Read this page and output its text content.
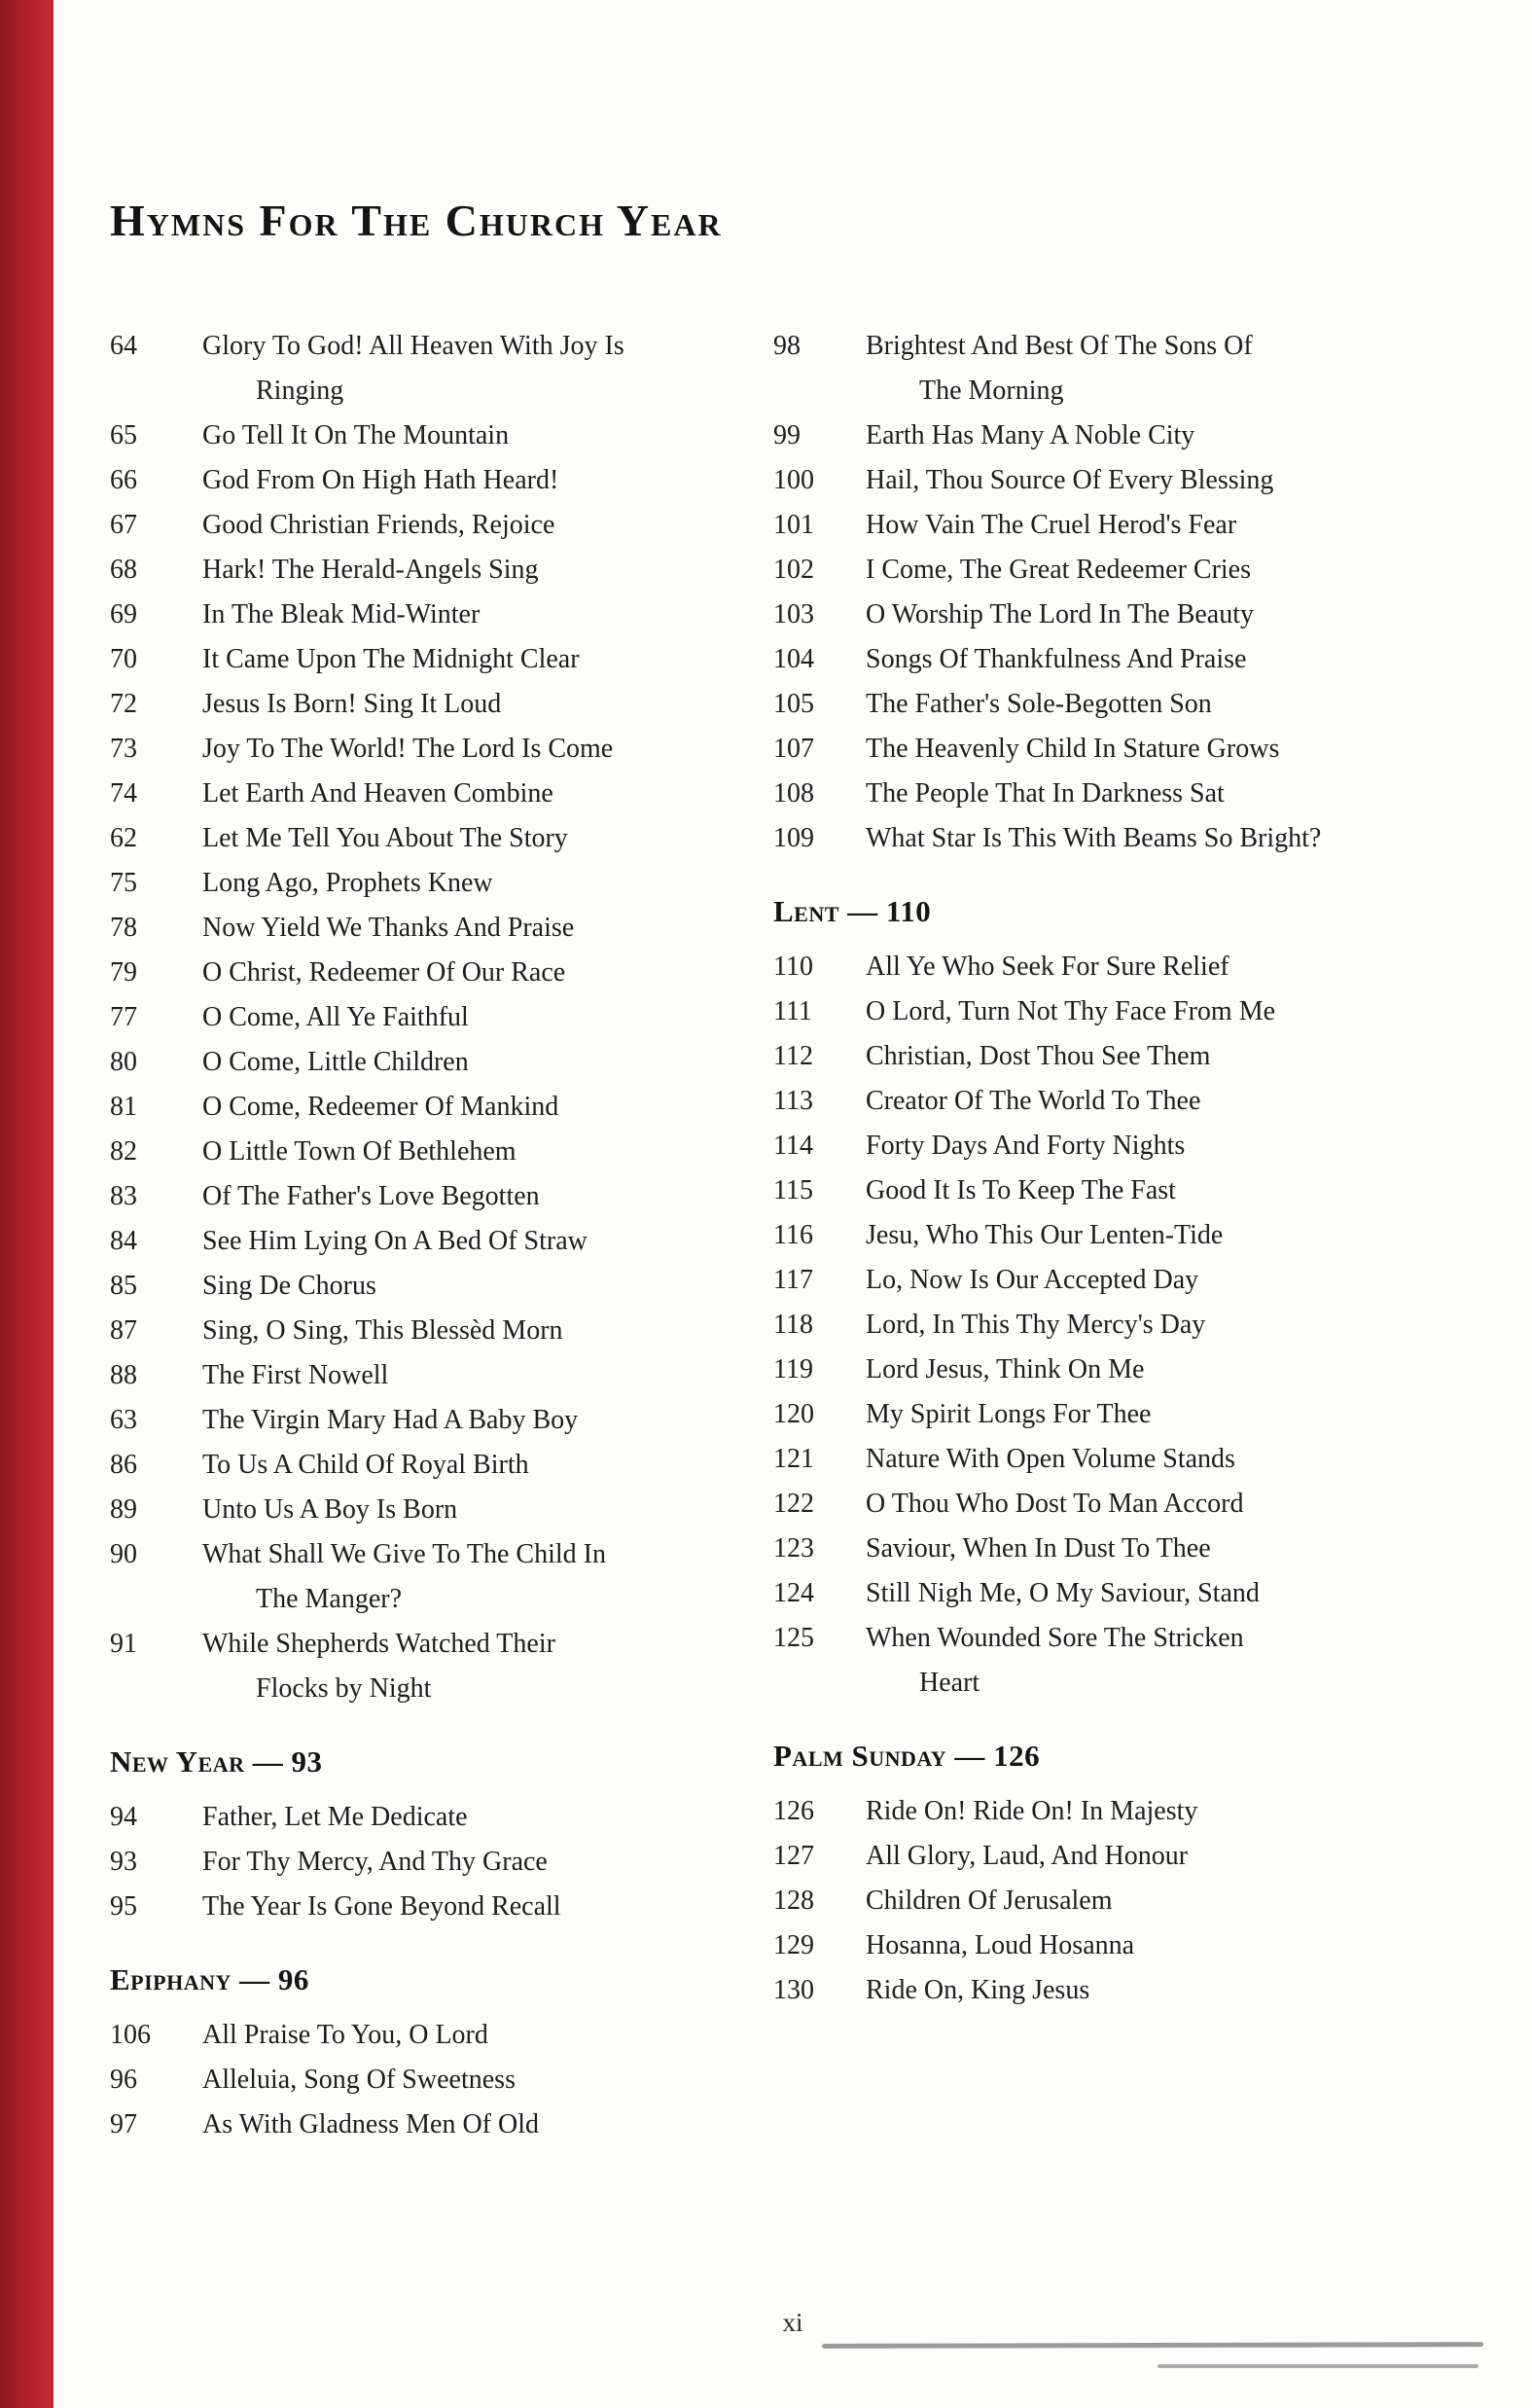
Hymns For The Church Year
64	Glory To God! All Heaven With Joy Is
Ringing
65	Go Tell It On The Mountain
66	God From On High Hath Heard!
67	Good Christian Friends, Rejoice
68	Hark! The Herald-Angels Sing
69	In The Bleak Mid-Winter
70	It Came Upon The Midnight Clear
72	Jesus Is Born! Sing It Loud
73	Joy To The World! The Lord Is Come
74	Let Earth And Heaven Combine
62	Let Me Tell You About The Story
75	Long Ago, Prophets Knew
78	Now Yield We Thanks And Praise
79	O Christ, Redeemer Of Our Race
77	O Come, All Ye Faithful
80	O Come, Little Children
81	O Come, Redeemer Of Mankind
82	O Little Town Of Bethlehem
83	Of The Father's Love Begotten
84	See Him Lying On A Bed Of Straw
85	Sing De Chorus
87	Sing, O Sing, This Blessèd Morn
88	The First Nowell
63	The Virgin Mary Had A Baby Boy
86	To Us A Child Of Royal Birth
89	Unto Us A Boy Is Born
90	What Shall We Give To The Child In
The Manger?
91	While Shepherds Watched Their
Flocks by Night
New Year — 93
94	Father, Let Me Dedicate
93	For Thy Mercy, And Thy Grace
95	The Year Is Gone Beyond Recall
Epiphany — 96
106	All Praise To You, O Lord
96	Alleluia, Song Of Sweetness
97	As With Gladness Men Of Old
98	Brightest And Best Of The Sons Of
The Morning
99	Earth Has Many A Noble City
100	Hail, Thou Source Of Every Blessing
101	How Vain The Cruel Herod's Fear
102	I Come, The Great Redeemer Cries
103	O Worship The Lord In The Beauty
104	Songs Of Thankfulness And Praise
105	The Father's Sole-Begotten Son
107	The Heavenly Child In Stature Grows
108	The People That In Darkness Sat
109	What Star Is This With Beams So Bright?
Lent — 110
110	All Ye Who Seek For Sure Relief
111	O Lord, Turn Not Thy Face From Me
112	Christian, Dost Thou See Them
113	Creator Of The World To Thee
114	Forty Days And Forty Nights
115	Good It Is To Keep The Fast
116	Jesu, Who This Our Lenten-Tide
117	Lo, Now Is Our Accepted Day
118	Lord, In This Thy Mercy's Day
119	Lord Jesus, Think On Me
120	My Spirit Longs For Thee
121	Nature With Open Volume Stands
122	O Thou Who Dost To Man Accord
123	Saviour, When In Dust To Thee
124	Still Nigh Me, O My Saviour, Stand
125	When Wounded Sore The Stricken
Heart
Palm Sunday — 126
126	Ride On! Ride On! In Majesty
127	All Glory, Laud, And Honour
128	Children Of Jerusalem
129	Hosanna, Loud Hosanna
130	Ride On, King Jesus
xi
